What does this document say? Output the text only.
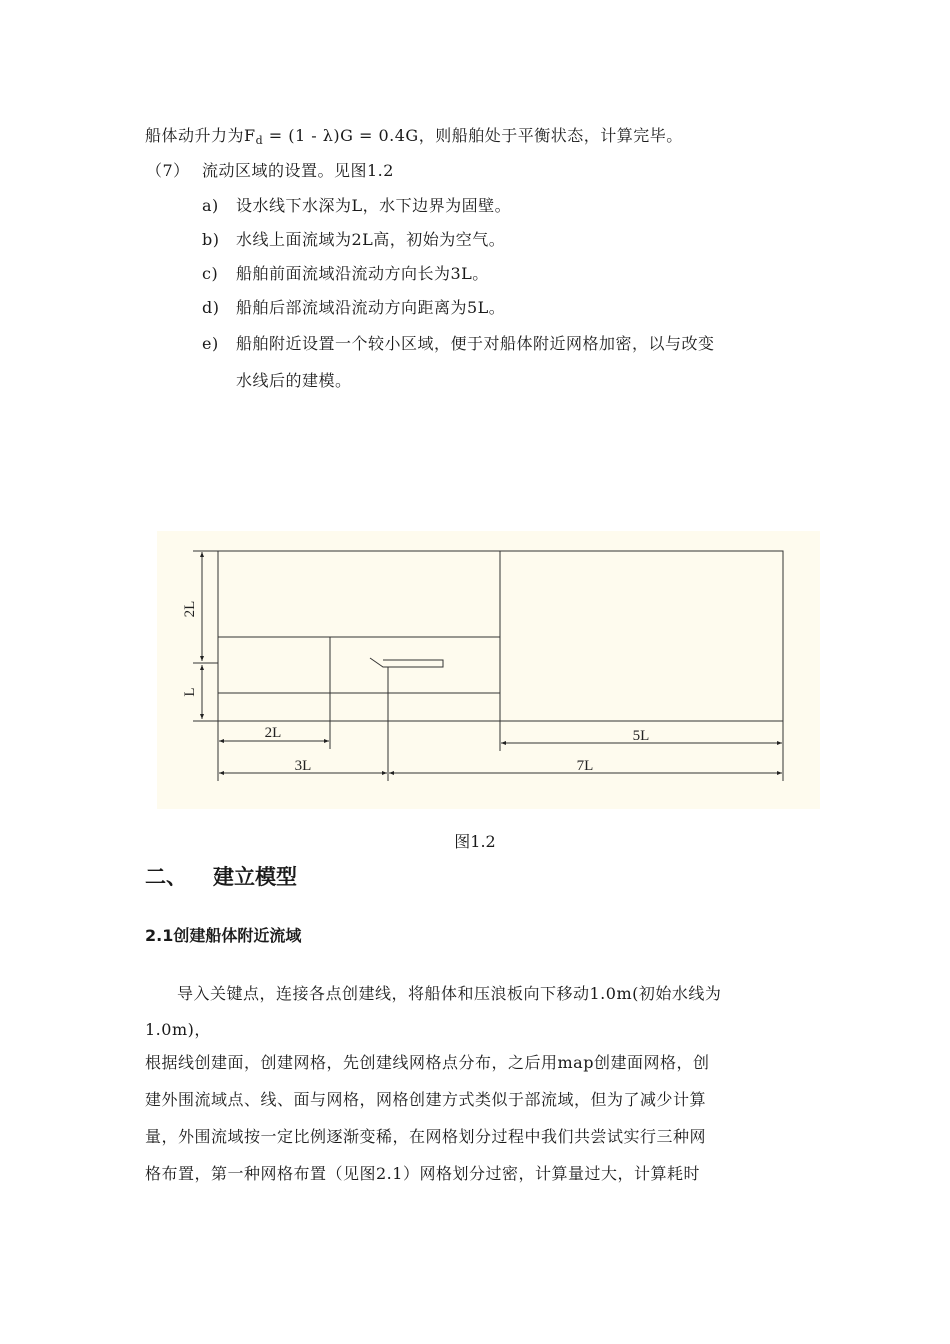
船体动升力为$F_d = (1 - \lambda)G = 0.4G$，则船舶处于平衡状态，计算完毕。
（7） 流动区域的设置。见图1.2
a) 设水线下水深为L，水下边界为固壁。
b) 水线上面流域为2L高，初始为空气。
c) 船舶前面流域沿流动方向长为3L。
d) 船舶后部流域沿流动方向距离为5L。
e) 船舶附近设置一个较小区域，便于对船体附近网格加密，以与改变
水线后的建模。
2L
L
2L	5L
3L	7L
图1.2
二、 建立模型
2.1创建船体附近流域
导入关键点，连接各点创建线，将船体和压浪板向下移动1.0m(初始水线为
1.0m)，
根据线创建面，创建网格，先创建线网格点分布，之后用map创建面网格，创
建外围流域点、线、面与网格，网格创建方式类似于部流域，但为了减少计算
量，外围流域按一定比例逐渐变稀，在网格划分过程中我们共尝试实行三种网
格布置，第一种网格布置（见图2.1）网格划分过密，计算量过大，计算耗时
